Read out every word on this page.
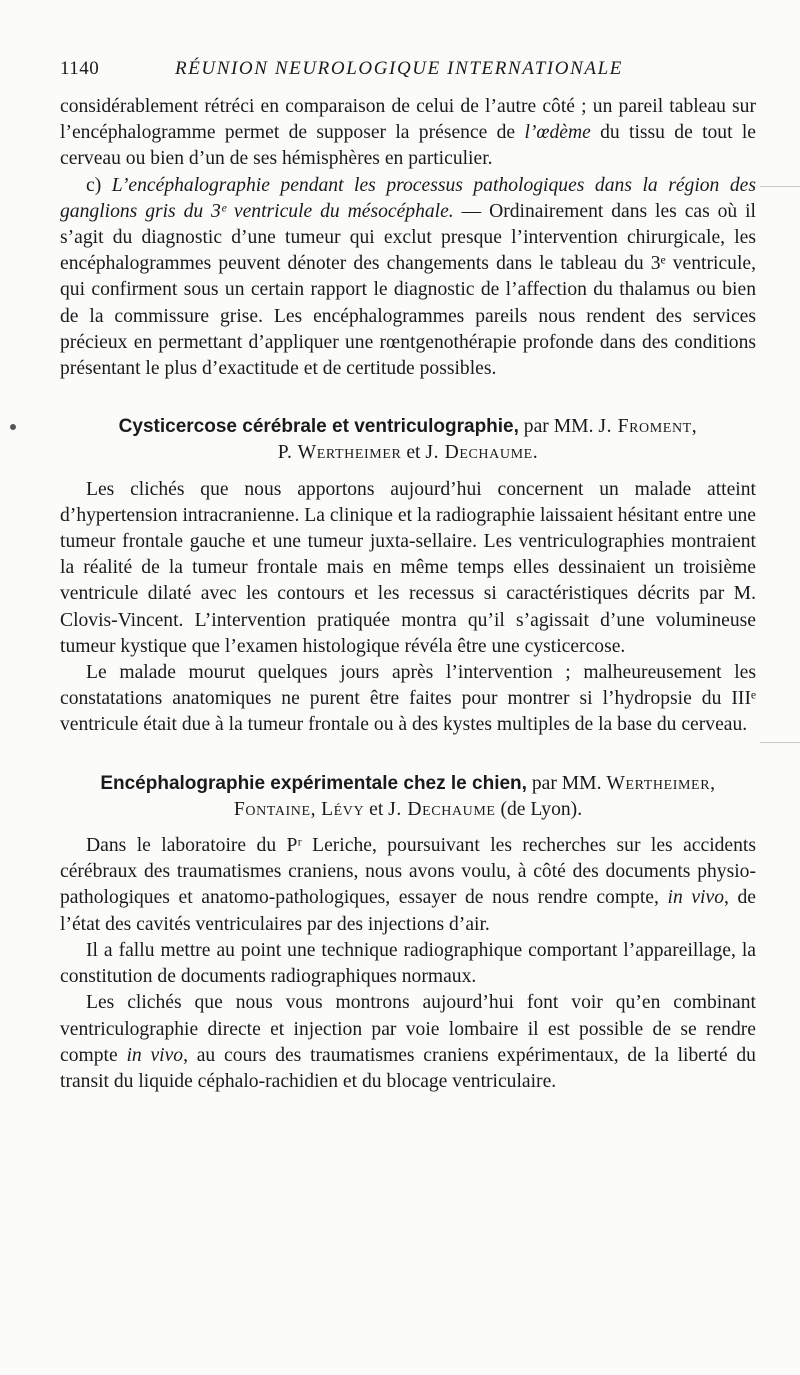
1140	RÉUNION NEUROLOGIQUE INTERNATIONALE

considérablement rétréci en comparaison de celui de l’autre côté ; un pareil tableau sur l’encéphalogramme permet de supposer la présence de l’œdème du tissu de tout le cerveau ou bien d’un de ses hémisphères en particulier.

c) L’encéphalographie pendant les processus pathologiques dans la région des ganglions gris du 3ᵉ ventricule du mésocéphale. — Ordinairement dans les cas où il s’agit du diagnostic d’une tumeur qui exclut presque l’intervention chirurgicale, les encéphalogrammes peuvent dénoter des changements dans le tableau du 3ᵉ ventricule, qui confirment sous un certain rapport le diagnostic de l’affection du thalamus ou bien de la commissure grise. Les encéphalogrammes pareils nous rendent des services précieux en permettant d’appliquer une rœntgenothérapie profonde dans des conditions présentant le plus d’exactitude et de certitude possibles.

Cysticercose cérébrale et ventriculographie, par MM. J. Froment,
P. Wertheimer et J. Dechaume.

Les clichés que nous apportons aujourd’hui concernent un malade atteint d’hypertension intracranienne. La clinique et la radiographie laissaient hésitant entre une tumeur frontale gauche et une tumeur juxta-sellaire. Les ventriculographies montraient la réalité de la tumeur frontale mais en même temps elles dessinaient un troisième ventricule dilaté avec les contours et les recessus si caractéristiques décrits par M. Clovis-Vincent. L’intervention pratiquée montra qu’il s’agissait d’une volumineuse tumeur kystique que l’examen histologique révéla être une cysticercose.

Le malade mourut quelques jours après l’intervention ; malheureusement les constatations anatomiques ne purent être faites pour montrer si l’hydropsie du IIIᵉ ventricule était due à la tumeur frontale ou à des kystes multiples de la base du cerveau.

Encéphalographie expérimentale chez le chien, par MM. Wertheimer,
Fontaine, Lévy et J. Dechaume (de Lyon).

Dans le laboratoire du Pʳ Leriche, poursuivant les recherches sur les accidents cérébraux des traumatismes craniens, nous avons voulu, à côté des documents physio-pathologiques et anatomo-pathologiques, essayer de nous rendre compte, in vivo, de l’état des cavités ventriculaires par des injections d’air.

Il a fallu mettre au point une technique radiographique comportant l’appareillage, la constitution de documents radiographiques normaux.

Les clichés que nous vous montrons aujourd’hui font voir qu’en combinant ventriculographie directe et injection par voie lombaire il est possible de se rendre compte in vivo, au cours des traumatismes craniens expérimentaux, de la liberté du transit du liquide céphalo-rachidien et du blocage ventriculaire.
